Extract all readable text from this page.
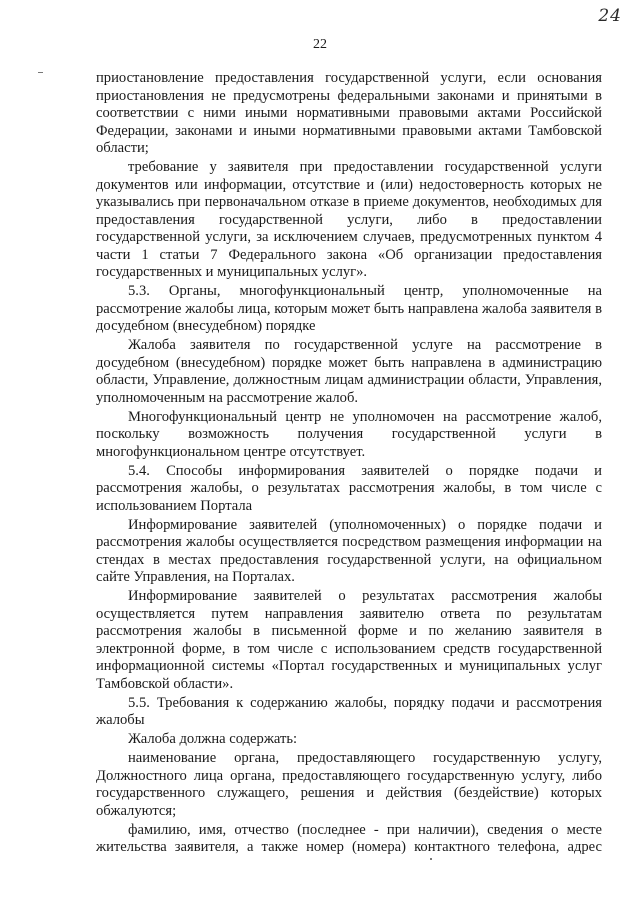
24
22

приостановление предоставления государственной услуги, если основания приостановления не предусмотрены федеральными законами и принятыми в соответствии с ними иными нормативными правовыми актами Российской Федерации, законами и иными нормативными правовыми актами Тамбовской области;

требование у заявителя при предоставлении государственной услуги документов или информации, отсутствие и (или) недостоверность которых не указывались при первоначальном отказе в приеме документов, необходимых для предоставления государственной услуги, либо в предоставлении государственной услуги, за исключением случаев, предусмотренных пунктом 4 части 1 статьи 7 Федерального закона «Об организации предоставления государственных и муниципальных услуг».

5.3. Органы, многофункциональный центр, уполномоченные на рассмотрение жалобы лица, которым может быть направлена жалоба заявителя в досудебном (внесудебном) порядке

Жалоба заявителя по государственной услуге на рассмотрение в досудебном (внесудебном) порядке может быть направлена в администрацию области, Управление, должностным лицам администрации области, Управления, уполномоченным на рассмотрение жалоб.

Многофункциональный центр не уполномочен на рассмотрение жалоб, поскольку возможность получения государственной услуги в многофункциональном центре отсутствует.

5.4. Способы информирования заявителей о порядке подачи и рассмотрения жалобы, о результатах рассмотрения жалобы, в том числе с использованием Портала

Информирование заявителей (уполномоченных) о порядке подачи и рассмотрения жалобы осуществляется посредством размещения информации на стендах в местах предоставления государственной услуги, на официальном сайте Управления, на Порталах.

Информирование заявителей о результатах рассмотрения жалобы осуществляется путем направления заявителю ответа по результатам рассмотрения жалобы в письменной форме и по желанию заявителя в электронной форме, в том числе с использованием средств государственной информационной системы «Портал государственных и муниципальных услуг Тамбовской области».

5.5. Требования к содержанию жалобы, порядку подачи и рассмотрения жалобы

Жалоба должна содержать:

наименование органа, предоставляющего государственную услугу, Должностного лица органа, предоставляющего государственную услугу, либо государственного служащего, решения и действия (бездействие) которых обжалуются;

фамилию, имя, отчество (последнее - при наличии), сведения о месте жительства заявителя, а также номер (номера) контактного телефона, адрес
